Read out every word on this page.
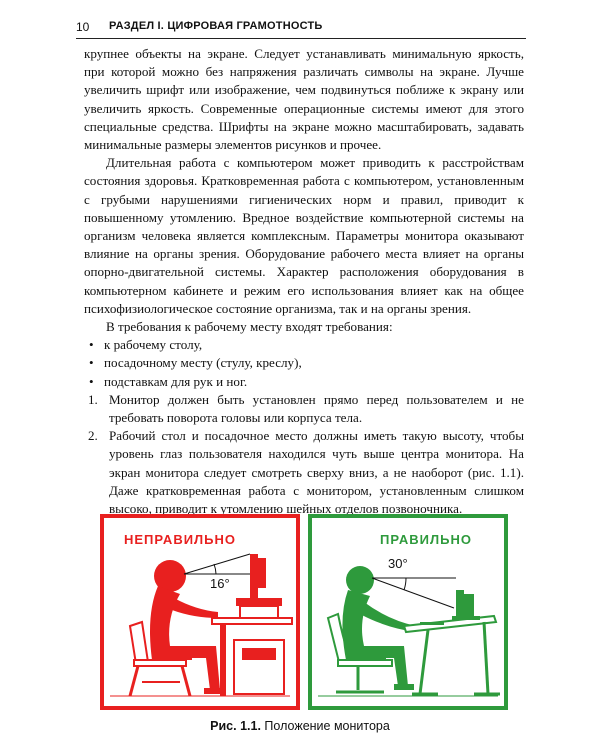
10 РАЗДЕЛ I. ЦИФРОВАЯ ГРАМОТНОСТЬ

крупнее объекты на экране. Следует устанавливать минимальную яркость, при которой можно без напряжения различать символы на экране. Лучше увеличить шрифт или изображение, чем подвинуться поближе к экрану или увеличить яркость. Современные операционные системы имеют для этого специальные средства. Шрифты на экране можно масштабировать, задавать минимальные размеры элементов рисунков и прочее.

Длительная работа с компьютером может приводить к расстройствам состояния здоровья. Кратковременная работа с компьютером, установленным с грубыми нарушениями гигиенических норм и правил, приводит к повышенному утомлению. Вредное воздействие компьютерной системы на организм человека является комплексным. Параметры монитора оказывают влияние на органы зрения. Оборудование рабочего места влияет на органы опорно-двигательной системы. Характер расположения оборудования в компьютерном кабинете и режим его использования влияет как на общее психофизиологическое состояние организма, так и на органы зрения.

В требования к рабочему месту входят требования:

• к рабочему столу,
• посадочному месту (стулу, креслу),
• подставкам для рук и ног.
1. Монитор должен быть установлен прямо перед пользователем и не требовать поворота головы или корпуса тела.
2. Рабочий стол и посадочное место должны иметь такую высоту, чтобы уровень глаз пользователя находился чуть выше центра монитора. На экран монитора следует смотреть сверху вниз, а не наоборот (рис. 1.1). Даже кратковременная работа с монитором, установленным слишком высоко, приводит к утомлению шейных отделов позвоночника.
НЕПРАВИЛЬНО
16°
ПРАВИЛЬНО
30°
Рис. 1.1. Положение монитора
